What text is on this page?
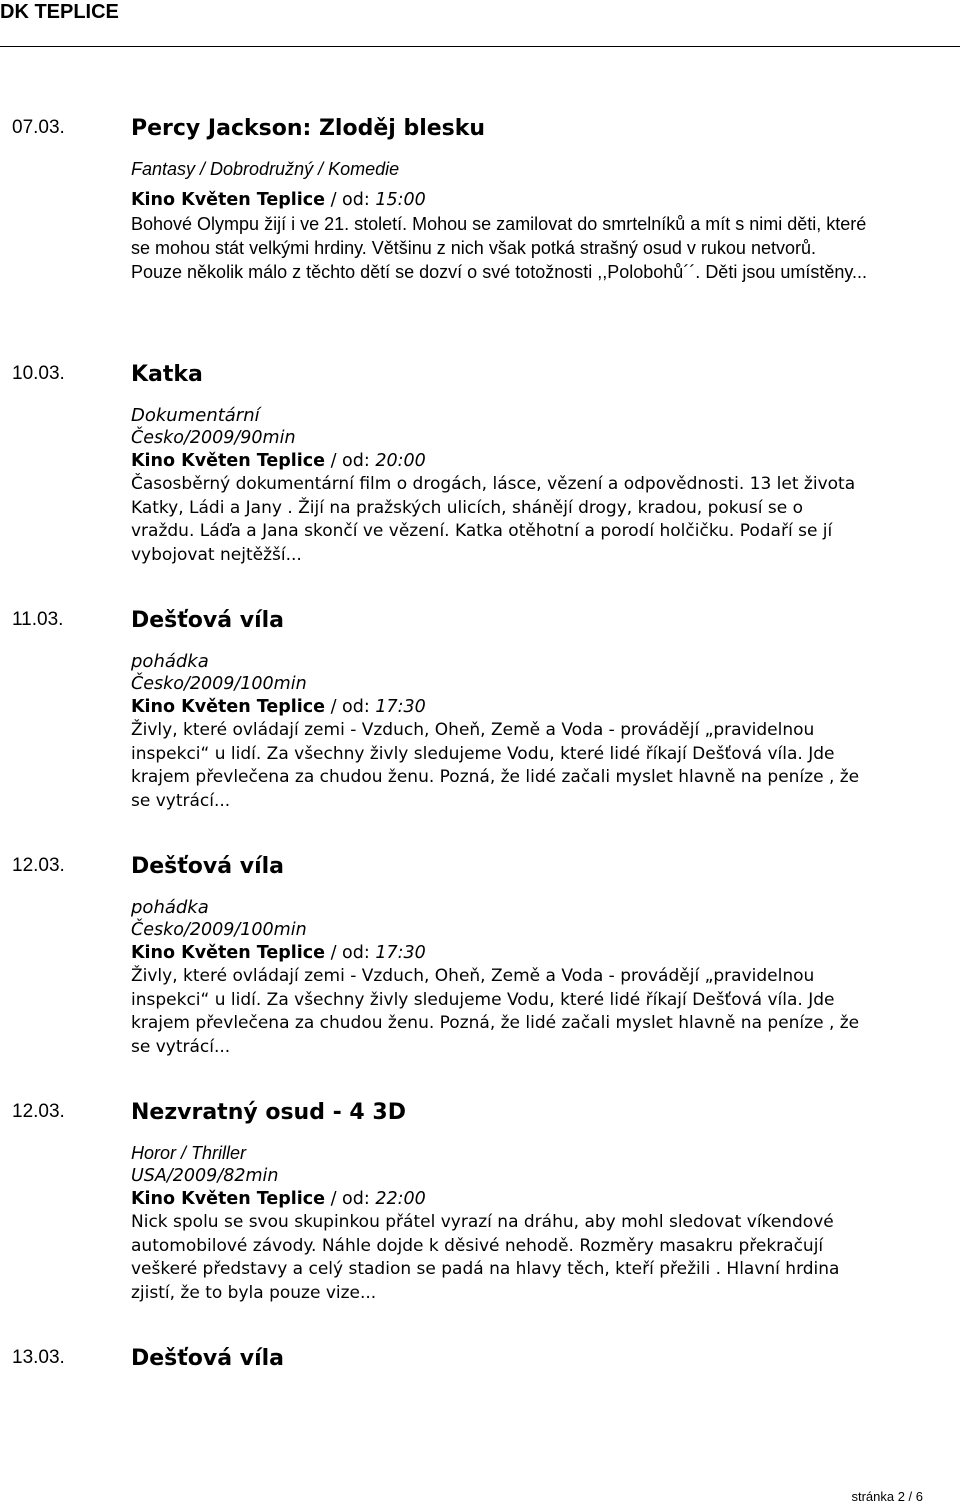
DK TEPLICE
07.03.	Percy Jackson: Zloděj blesku
Fantasy / Dobrodružný / Komedie
Kino Květen Teplice / od: 15:00
Bohové Olympu žijí i ve 21. století. Mohou se zamilovat do smrtelníků a mít s nimi děti, které se mohou stát velkými hrdiny. Většinu z nich však potká strašný osud v rukou netvorů. Pouze několik málo z těchto dětí se dozví o své totožnosti ,,Polobohů´´. Děti jsou umístěny...
10.03.	Katka
Dokumentární
Česko/2009/90min
Kino Květen Teplice / od: 20:00
Časosběrný dokumentární film o drogách, lásce, vězení a odpovědnosti. 13 let života Katky, Ládi a Jany . Žijí na pražských ulicích, shánějí drogy, kradou, pokusí se o vraždu. Láďa a Jana skončí ve vězení. Katka otěhotní a porodí holčičku. Podaří se jí vybojovat nejtěžší...
11.03.	Dešťová víla
pohádka
Česko/2009/100min
Kino Květen Teplice / od: 17:30
Živly, které ovládají zemi - Vzduch, Oheň, Země a Voda - provádějí „pravidelnou inspekci“ u lidí. Za všechny živly sledujeme Vodu, které lidé říkají Dešťová víla. Jde krajem převlečena za chudou ženu. Pozná, že lidé začali myslet hlavně na peníze , že se vytrácí...
12.03.	Dešťová víla
pohádka
Česko/2009/100min
Kino Květen Teplice / od: 17:30
Živly, které ovládají zemi - Vzduch, Oheň, Země a Voda - provádějí „pravidelnou inspekci“ u lidí. Za všechny živly sledujeme Vodu, které lidé říkají Dešťová víla. Jde krajem převlečena za chudou ženu. Pozná, že lidé začali myslet hlavně na peníze , že se vytrácí...
12.03.	Nezvratný osud - 4 3D
Horor / Thriller
USA/2009/82min
Kino Květen Teplice / od: 22:00
Nick spolu se svou skupinkou přátel vyrazí na dráhu, aby mohl sledovat víkendové automobilové závody. Náhle dojde k děsivé nehodě. Rozměry masakru překračují veškeré představy a celý stadion se padá na hlavy těch, kteří přežili . Hlavní hrdina zjistí, že to byla pouze vize...
13.03.	Dešťová víla
stránka 2 / 6
